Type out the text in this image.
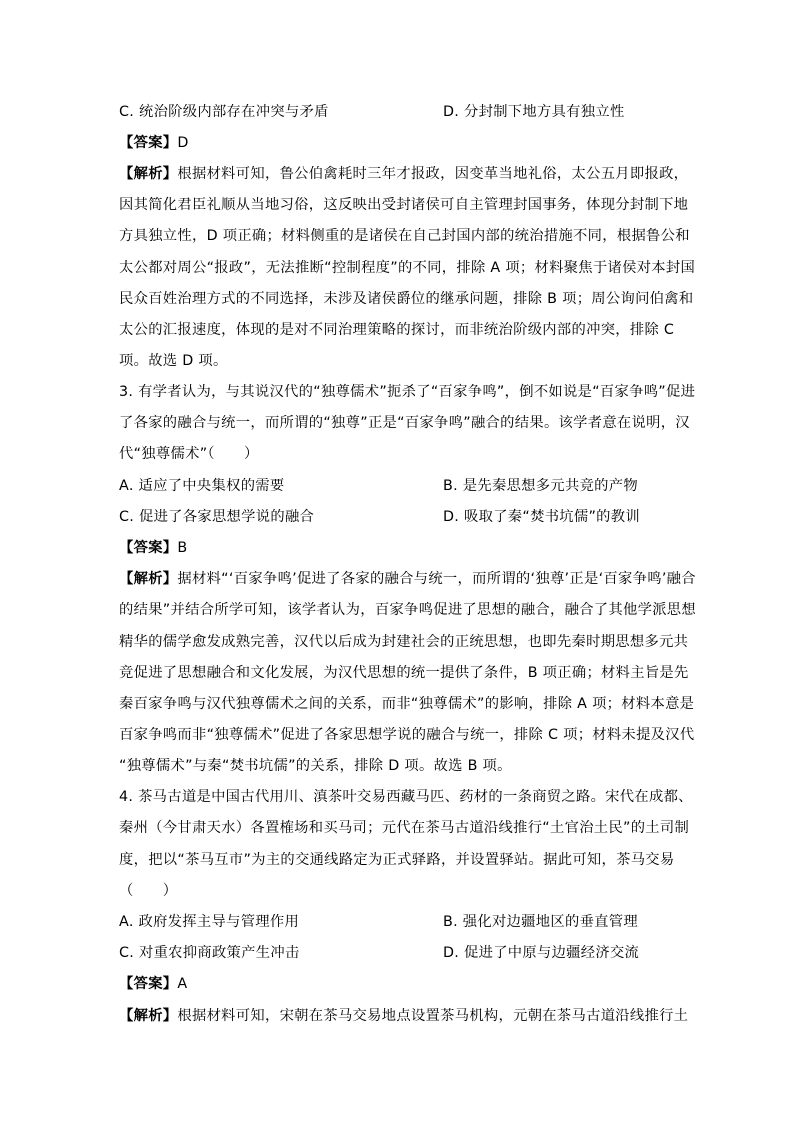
C. 统治阶级内部存在冲突与矛盾	D. 分封制下地方具有独立性
【答案】D
【解析】根据材料可知，鲁公伯禽耗时三年才报政，因变革当地礼俗，太公五月即报政，
因其简化君臣礼顺从当地习俗，这反映出受封诸侯可自主管理封国事务，体现分封制下地
方具独立性，D 项正确；材料侧重的是诸侯在自己封国内部的统治措施不同，根据鲁公和
太公都对周公“报政”，无法推断“控制程度”的不同，排除 A 项；材料聚焦于诸侯对本封国
民众百姓治理方式的不同选择，未涉及诸侯爵位的继承问题，排除 B 项；周公询问伯禽和
太公的汇报速度，体现的是对不同治理策略的探讨，而非统治阶级内部的冲突，排除 C
项。故选 D 项。
3. 有学者认为，与其说汉代的“独尊儒术”扼杀了“百家争鸣”，倒不如说是“百家争鸣”促进
了各家的融合与统一，而所谓的“独尊”正是“百家争鸣”融合的结果。该学者意在说明，汉
代“独尊儒术”（　　）
A. 适应了中央集权的需要	B. 是先秦思想多元共竞的产物
C. 促进了各家思想学说的融合	D. 吸取了秦“焚书坑儒”的教训
【答案】B
【解析】据材料“‘百家争鸣’促进了各家的融合与统一，而所谓的‘独尊’正是‘百家争鸣’融合
的结果”并结合所学可知，该学者认为，百家争鸣促进了思想的融合，融合了其他学派思想
精华的儒学愈发成熟完善，汉代以后成为封建社会的正统思想，也即先秦时期思想多元共
竞促进了思想融合和文化发展，为汉代思想的统一提供了条件，B 项正确；材料主旨是先
秦百家争鸣与汉代独尊儒术之间的关系，而非“独尊儒术”的影响，排除 A 项；材料本意是
百家争鸣而非“独尊儒术”促进了各家思想学说的融合与统一，排除 C 项；材料未提及汉代
“独尊儒术”与秦“焚书坑儒”的关系，排除 D 项。故选 B 项。
4. 茶马古道是中国古代用川、滇茶叶交易西藏马匹、药材的一条商贸之路。宋代在成都、
秦州（今甘肃天水）各置榷场和买马司；元代在茶马古道沿线推行“土官治土民”的土司制
度，把以“茶马互市”为主的交通线路定为正式驿路，并设置驿站。据此可知，茶马交易
（　　）
A. 政府发挥主导与管理作用	B. 强化对边疆地区的垂直管理
C. 对重农抑商政策产生冲击	D. 促进了中原与边疆经济交流
【答案】A
【解析】根据材料可知，宋朝在茶马交易地点设置茶马机构，元朝在茶马古道沿线推行土
